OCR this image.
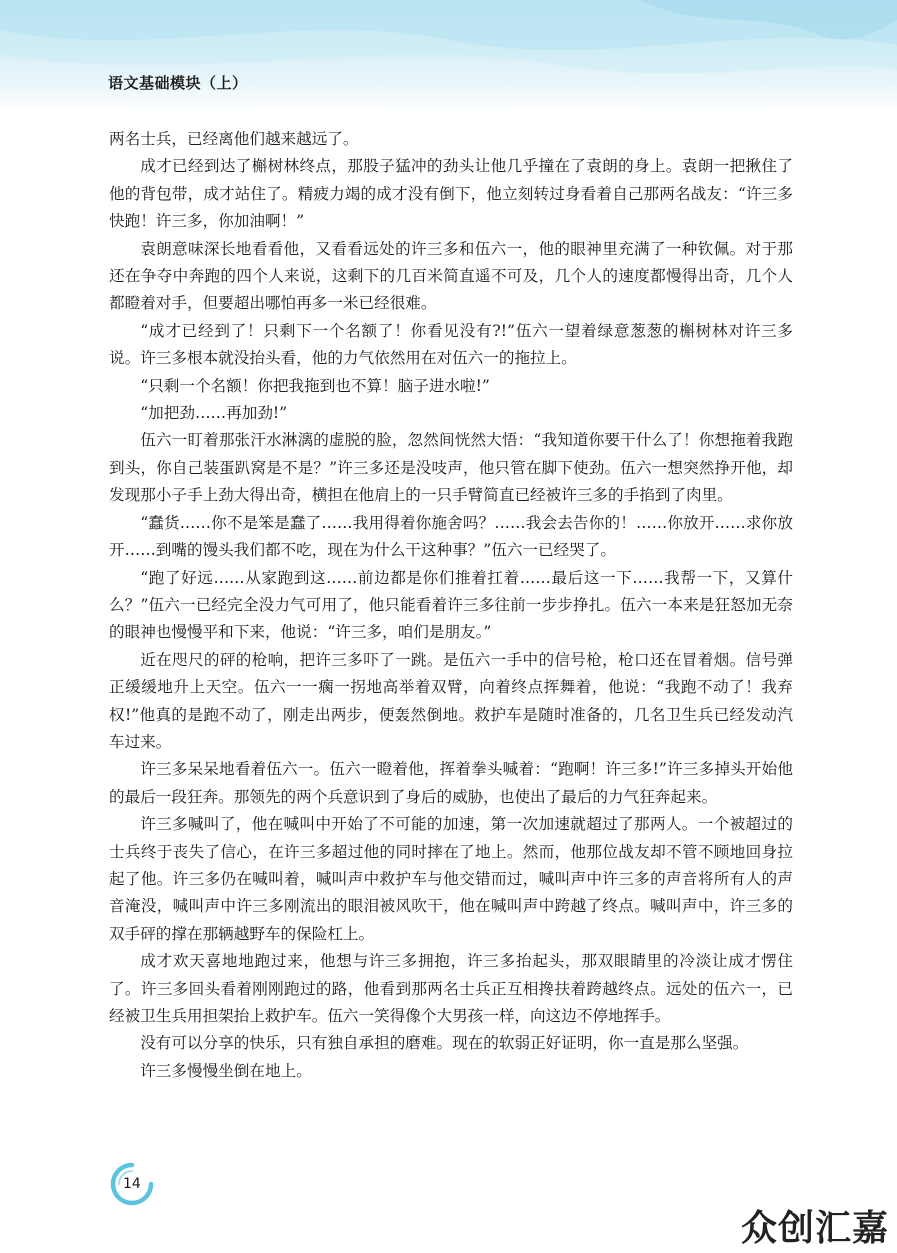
语文基础模块（上）

两名士兵，已经离他们越来越远了。

成才已经到达了槲树林终点，那股子猛冲的劲头让他几乎撞在了袁朗的身上。袁朗一把揪住了他的背包带，成才站住了。精疲力竭的成才没有倒下，他立刻转过身看着自己那两名战友：“许三多快跑！许三多，你加油啊！”

袁朗意味深长地看看他，又看看远处的许三多和伍六一，他的眼神里充满了一种钦佩。对于那还在争夺中奔跑的四个人来说，这剩下的几百米简直遥不可及，几个人的速度都慢得出奇，几个人都瞪着对手，但要超出哪怕再多一米已经很难。

“成才已经到了！只剩下一个名额了！你看见没有?!”伍六一望着绿意葱葱的槲树林对许三多说。许三多根本就没抬头看，他的力气依然用在对伍六一的拖拉上。

“只剩一个名额！你把我拖到也不算！脑子进水啦!”

“加把劲……再加劲!”

伍六一盯着那张汗水淋漓的虚脱的脸，忽然间恍然大悟：“我知道你要干什么了！你想拖着我跑到头，你自己装蛋趴窝是不是？”许三多还是没吱声，他只管在脚下使劲。伍六一想突然挣开他，却发现那小子手上劲大得出奇，横担在他肩上的一只手臂简直已经被许三多的手掐到了肉里。

“蠢货……你不是笨是蠢了……我用得着你施舍吗？……我会去告你的！……你放开……求你放开……到嘴的馒头我们都不吃，现在为什么干这种事？”伍六一已经哭了。

“跑了好远……从家跑到这……前边都是你们推着扛着……最后这一下……我帮一下，又算什么？”伍六一已经完全没力气可用了，他只能看着许三多往前一步步挣扎。伍六一本来是狂怒加无奈的眼神也慢慢平和下来，他说：“许三多，咱们是朋友。”

近在咫尺的砰的枪响，把许三多吓了一跳。是伍六一手中的信号枪，枪口还在冒着烟。信号弹正缓缓地升上天空。伍六一一瘸一拐地高举着双臂，向着终点挥舞着，他说：“我跑不动了！我弃权!”他真的是跑不动了，刚走出两步，便轰然倒地。救护车是随时准备的，几名卫生兵已经发动汽车过来。

许三多呆呆地看着伍六一。伍六一瞪着他，挥着拳头喊着：“跑啊！许三多!”许三多掉头开始他的最后一段狂奔。那领先的两个兵意识到了身后的威胁，也使出了最后的力气狂奔起来。

许三多喊叫了，他在喊叫中开始了不可能的加速，第一次加速就超过了那两人。一个被超过的士兵终于丧失了信心，在许三多超过他的同时摔在了地上。然而，他那位战友却不管不顾地回身拉起了他。许三多仍在喊叫着，喊叫声中救护车与他交错而过，喊叫声中许三多的声音将所有人的声音淹没，喊叫声中许三多刚流出的眼泪被风吹干，他在喊叫声中跨越了终点。喊叫声中，许三多的双手砰的撑在那辆越野车的保险杠上。

成才欢天喜地地跑过来，他想与许三多拥抱，许三多抬起头，那双眼睛里的冷淡让成才愣住了。许三多回头看着刚刚跑过的路，他看到那两名士兵正互相搀扶着跨越终点。远处的伍六一，已经被卫生兵用担架抬上救护车。伍六一笑得像个大男孩一样，向这边不停地挥手。

没有可以分享的快乐，只有独自承担的磨难。现在的软弱正好证明，你一直是那么坚强。

许三多慢慢坐倒在地上。

14
众创汇嘉
